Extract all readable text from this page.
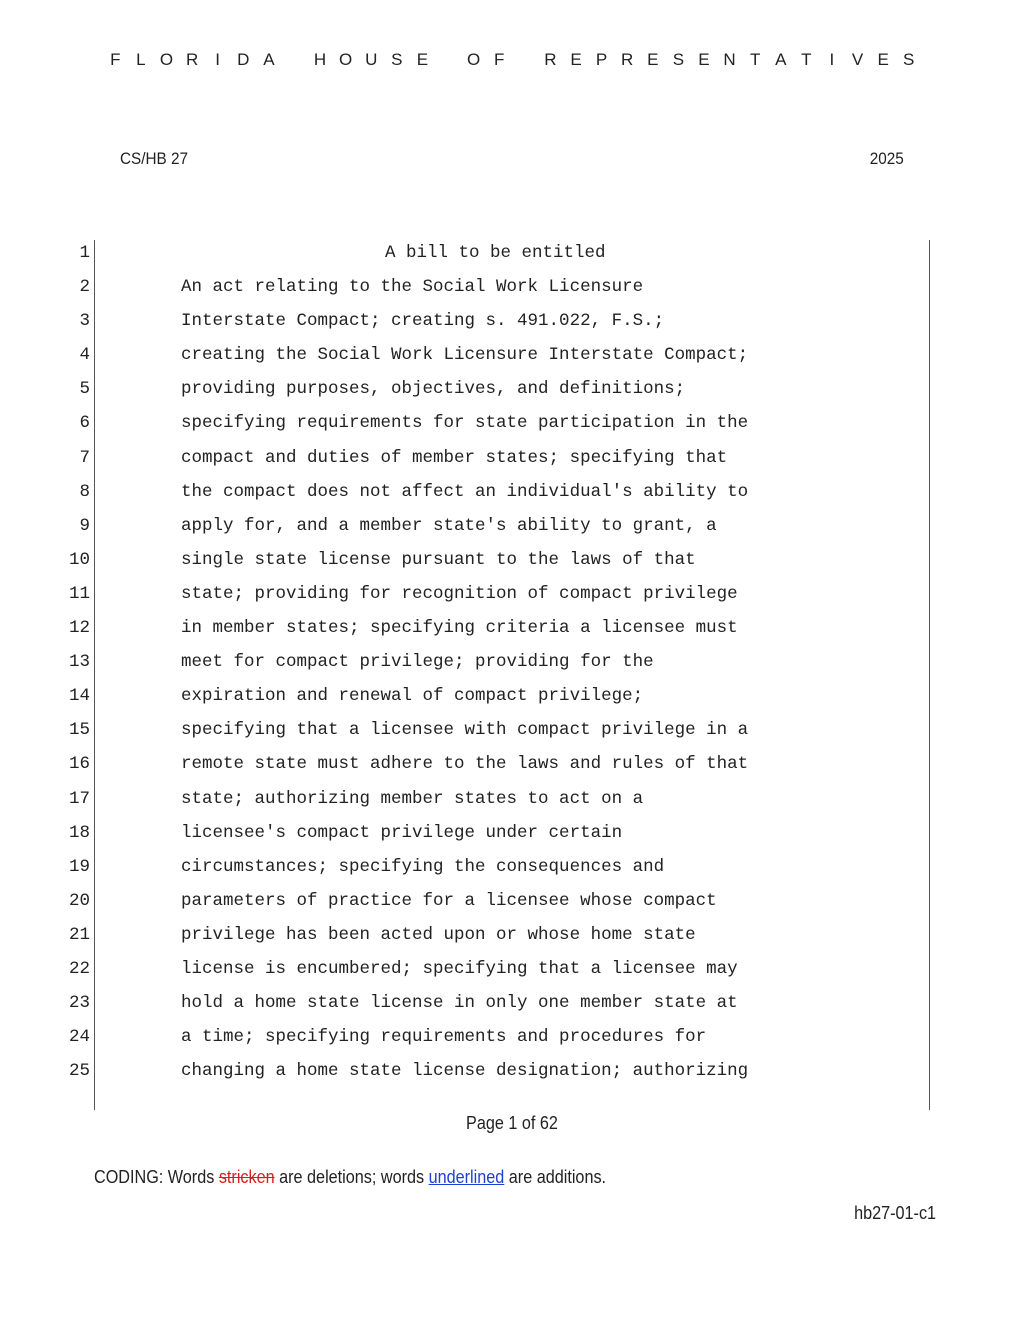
F L O R I D A H O U S E O F R E P R E S E N T A T I V E S
CS/HB 27	2025
1	A bill to be entitled
2	An act relating to the Social Work Licensure
3	Interstate Compact; creating s. 491.022, F.S.;
4	creating the Social Work Licensure Interstate Compact;
5	providing purposes, objectives, and definitions;
6	specifying requirements for state participation in the
7	compact and duties of member states; specifying that
8	the compact does not affect an individual's ability to
9	apply for, and a member state's ability to grant, a
10	single state license pursuant to the laws of that
11	state; providing for recognition of compact privilege
12	in member states; specifying criteria a licensee must
13	meet for compact privilege; providing for the
14	expiration and renewal of compact privilege;
15	specifying that a licensee with compact privilege in a
16	remote state must adhere to the laws and rules of that
17	state; authorizing member states to act on a
18	licensee's compact privilege under certain
19	circumstances; specifying the consequences and
20	parameters of practice for a licensee whose compact
21	privilege has been acted upon or whose home state
22	license is encumbered; specifying that a licensee may
23	hold a home state license in only one member state at
24	a time; specifying requirements and procedures for
25	changing a home state license designation; authorizing
Page 1 of 62
CODING: Words stricken are deletions; words underlined are additions.
hb27-01-c1
